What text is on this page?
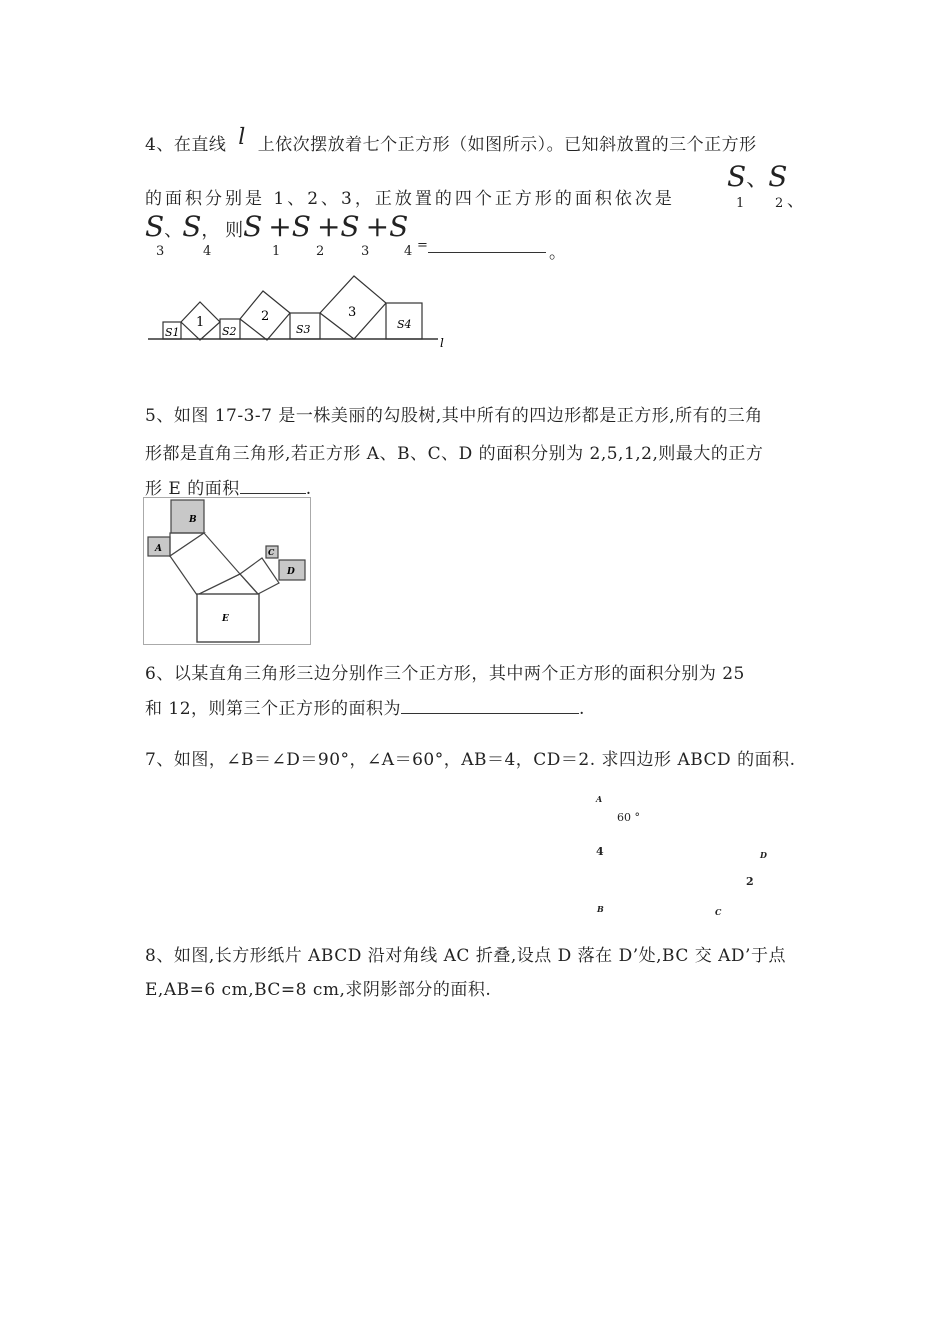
4、在直线 l 上依次摆放着七个正方形（如图所示）。已知斜放置的三个正方形
的面积分别是 1、2、3，正放置的四个正方形的面积依次是
S、S
1 2 、
S、S， 则S +S +S +S
3	4	1	2	3	4 =	。
S1
1
S2
2
S3
3
S4
l
5、如图 17-3-7 是一株美丽的勾股树,其中所有的四边形都是正方形,所有的三角
形都是直角三角形,若正方形 A、B、C、D 的面积分别为 2,5,1,2,则最大的正方
形 E 的面积	.
B
A	C
D
E
6、以某直角三角形三边分别作三个正方形，其中两个正方形的面积分别为 25
和 12，则第三个正方形的面积为	.
7、如图，∠B＝∠D＝90°，∠A＝60°，AB＝4，CD＝2. 求四边形 ABCD 的面积.
A
60 °
4	D
2
B	C
8、如图,长方形纸片 ABCD 沿对角线 AC 折叠,设点 D 落在 D’处,BC 交 AD’于点
E,AB=6 cm,BC=8 cm,求阴影部分的面积.
